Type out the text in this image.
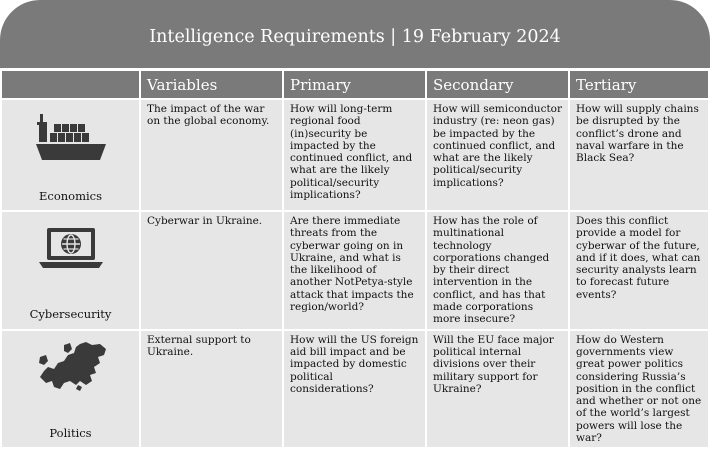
Intelligence Requirements | 19 February 2024
	Variables	Primary	Secondary	Tertiary

Economics	The impact of the war on the global economy.	How will long-term regional food (in)security be impacted by the continued conflict, and what are the likely political/security implications?	How will semiconductor industry (re: neon gas) be impacted by the continued conflict, and what are the likely political/security implications?	How will supply chains be disrupted by the conflict’s drone and naval warfare in the Black Sea?

Cybersecurity	Cyberwar in Ukraine.	Are there immediate threats from the cyberwar going on in Ukraine, and what is the likelihood of another NotPetya-style attack that impacts the region/world?	How has the role of multinational technology corporations changed by their direct intervention in the conflict, and has that made corporations more insecure?	Does this conflict provide a model for cyberwar of the future, and if it does, what can security analysts learn to forecast future events?

Politics	External support to Ukraine.	How will the US foreign aid bill impact and be impacted by domestic political considerations?	Will the EU face major political internal divisions over their military support for Ukraine?	How do Western governments view great power politics considering Russia’s position in the conflict and whether or not one of the world’s largest powers will lose the war?
